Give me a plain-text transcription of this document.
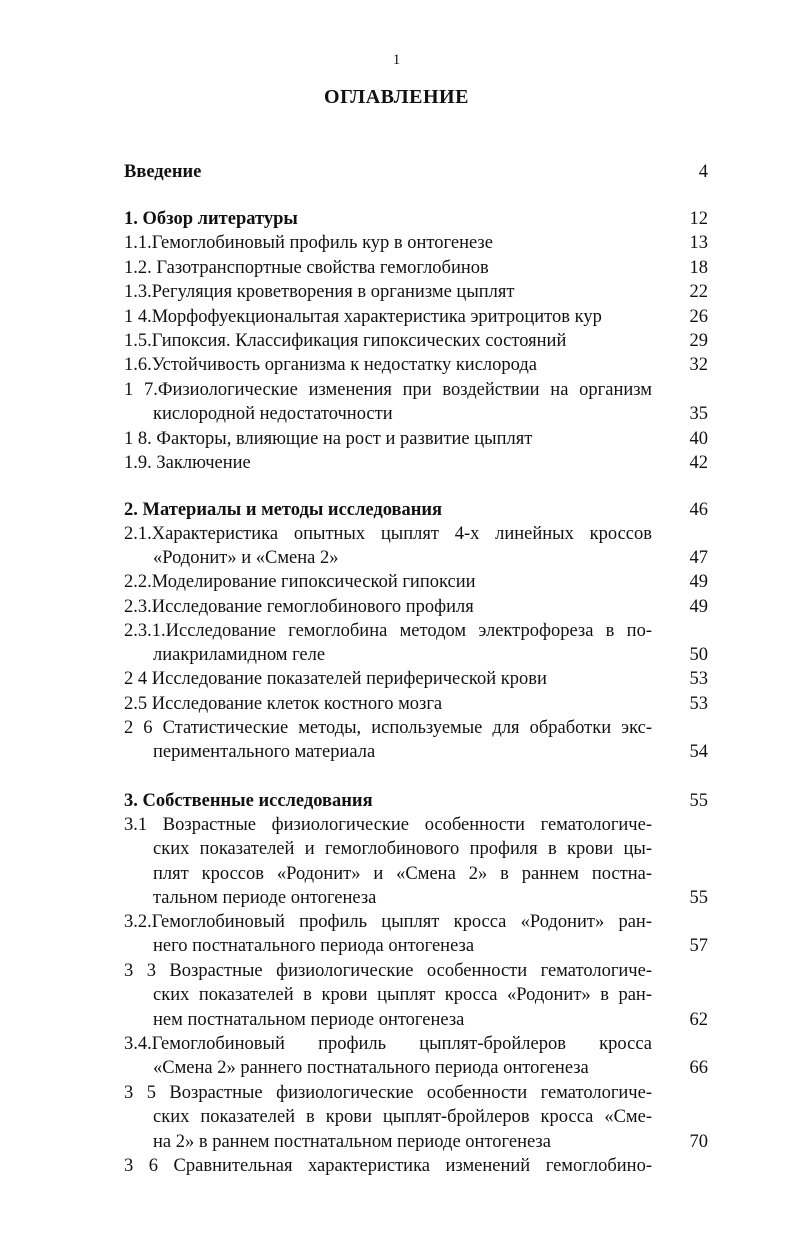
1
ОГЛАВЛЕНИЕ
Введение	4
1. Обзор литературы	12
1.1.Гемоглобиновый профиль кур в онтогенезе	13
1.2. Газотранспортные свойства гемоглобинов	18
1.3.Регуляция кроветворения в организме цыплят	22
1 4.Морфофуекционалытая характеристика эритроцитов кур	26
1.5.Гипоксия. Классификация гипоксических состояний	29
1.6.Устойчивость организма к недостатку кислорода	32
1 7.Физиологические изменения при воздействии на организм
кислородной недостаточности	35
1 8. Факторы, влияющие на рост и развитие цыплят	40
1.9. Заключение	42
2. Материалы и методы исследования	46
2.1.Характеристика опытных цыплят 4-х линейных кроссов
«Родонит» и «Смена 2»	47
2.2.Моделирование гипоксической гипоксии	49
2.3.Исследование гемоглобинового профиля	49
2.3.1.Исследование гемоглобина методом электрофореза в по-
лиакриламидном геле	50
2 4 Исследование показателей периферической крови	53
2.5 Исследование клеток костного мозга	53
2 6 Статистические методы, используемые для обработки экс-
периментального материала	54
3. Собственные исследования	55
3.1 Возрастные физиологические особенности гематологиче-
ских показателей и гемоглобинового профиля в крови цы-
плят кроссов «Родонит» и «Смена 2» в раннем постна-
тальном периоде онтогенеза	55
3.2.Гемоглобиновый профиль цыплят кросса «Родонит» ран-
него постнатального периода онтогенеза	57
3 3 Возрастные физиологические особенности гематологиче-
ских показателей в крови цыплят кросса «Родонит» в ран-
нем постнатальном периоде онтогенеза	62
3.4.Гемоглобиновый профиль цыплят-бройлеров кросса
«Смена 2» раннего постнатального периода онтогенеза	66
3 5 Возрастные физиологические особенности гематологиче-
ских показателей в крови цыплят-бройлеров кросса «Сме-
на 2» в раннем постнатальном периоде онтогенеза	70
3 6 Сравнительная характеристика изменений гемоглобино-
